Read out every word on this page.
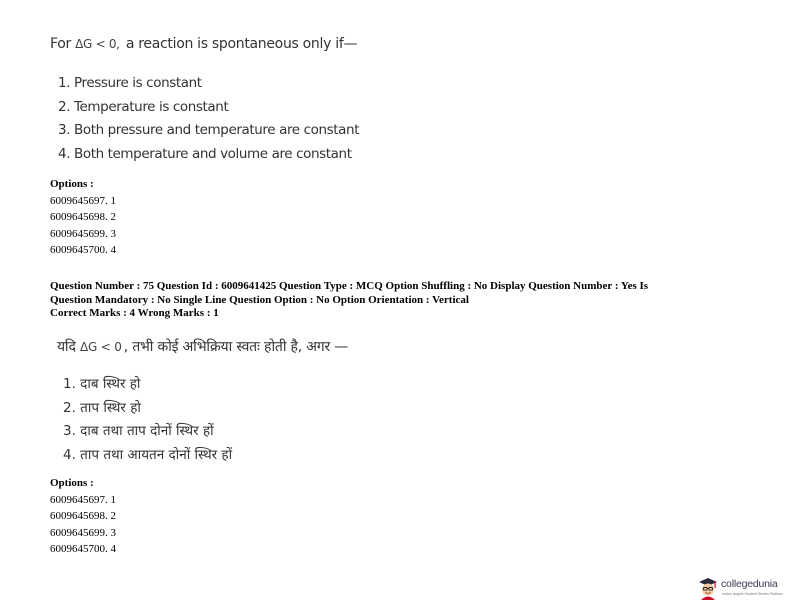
For ΔG < 0, a reaction is spontaneous only if—
1. Pressure is constant
2. Temperature is constant
3. Both pressure and temperature are constant
4. Both temperature and volume are constant
Options :
6009645697. 1
6009645698. 2
6009645699. 3
6009645700. 4
Question Number : 75 Question Id : 6009641425 Question Type : MCQ Option Shuffling : No Display Question Number : Yes Is
Question Mandatory : No Single Line Question Option : No Option Orientation : Vertical
Correct Marks : 4 Wrong Marks : 1
यदि ΔG < 0 , तभी कोई अभिक्रिया स्वतः होती है, अगर —
1. दाब स्थिर हो
2. ताप स्थिर हो
3. दाब तथा ताप दोनों स्थिर हों
4. ताप तथा आयतन दोनों स्थिर हों
Options :
6009645697. 1
6009645698. 2
6009645699. 3
6009645700. 4
collegedunia
India's largest Student Review Platform
